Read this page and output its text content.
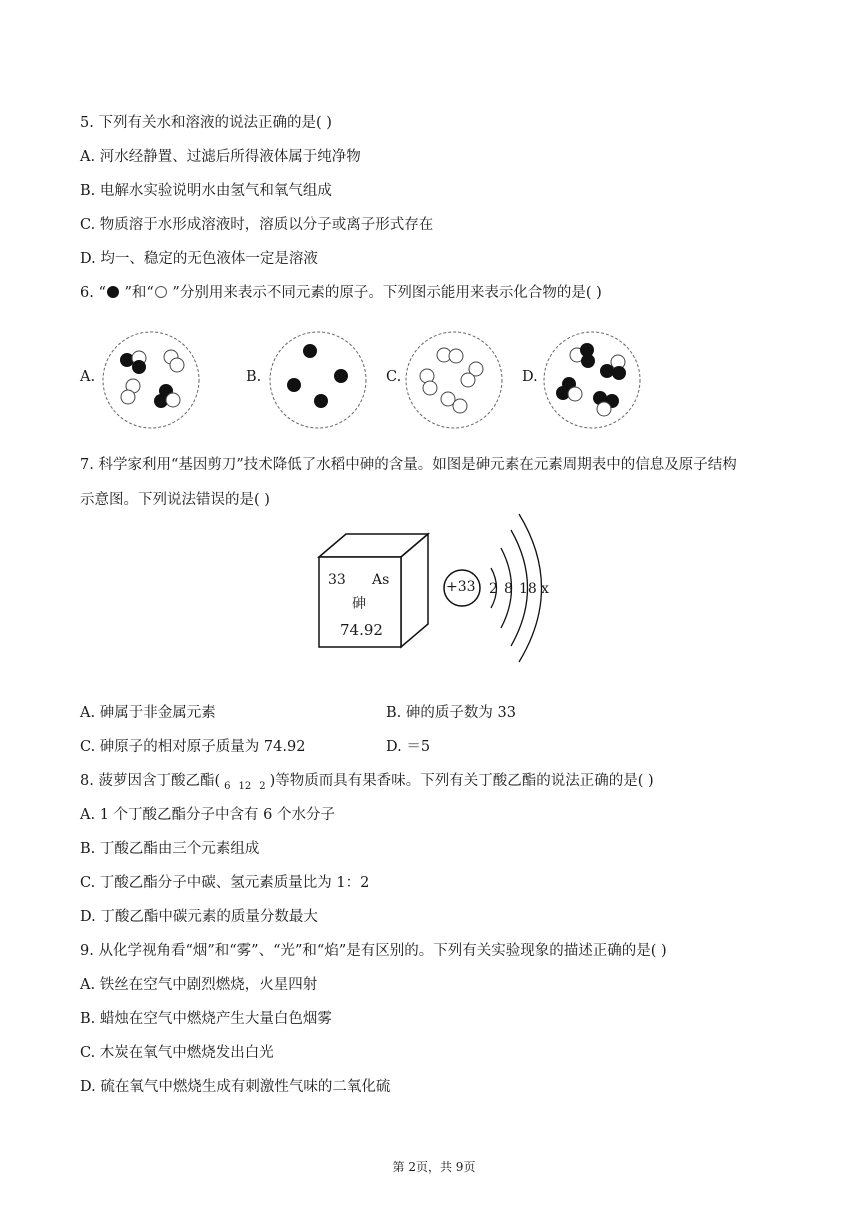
5. 下列有关水和溶液的说法正确的是( )
A. 河水经静置、过滤后所得液体属于纯净物
B. 电解水实验说明水由氢气和氧气组成
C. 物质溶于水形成溶液时，溶质以分子或离子形式存在
D. 均一、稳定的无色液体一定是溶液
6. “ ”和“ ”分别用来表示不同元素的原子。下列图示能用来表示化合物的是( )
A.	B.	C.	D.
7. 科学家利用“基因剪刀”技术降低了水稻中砷的含量。如图是砷元素在元素周期表中的信息及原子结构
示意图。下列说法错误的是( )
33 As
砷
74.92
+33 2 8 18 x
A. 砷属于非金属元素	B. 砷的质子数为 33
C. 砷原子的相对原子质量为 74.92	D. ＝5
8. 菠萝因含丁酸乙酯( $_6$ $_{12}$ $_2$ )等物质而具有果香味。下列有关丁酸乙酯的说法正确的是( )
A. 1 个丁酸乙酯分子中含有 6 个水分子
B. 丁酸乙酯由三个元素组成
C. 丁酸乙酯分子中碳、氢元素质量比为 1：2
D. 丁酸乙酯中碳元素的质量分数最大
9. 从化学视角看“烟”和“雾”、“光”和“焰”是有区别的。下列有关实验现象的描述正确的是( )
A. 铁丝在空气中剧烈燃烧，火星四射
B. 蜡烛在空气中燃烧产生大量白色烟雾
C. 木炭在氧气中燃烧发出白光
D. 硫在氧气中燃烧生成有刺激性气味的二氧化硫
第 2页，共 9页
